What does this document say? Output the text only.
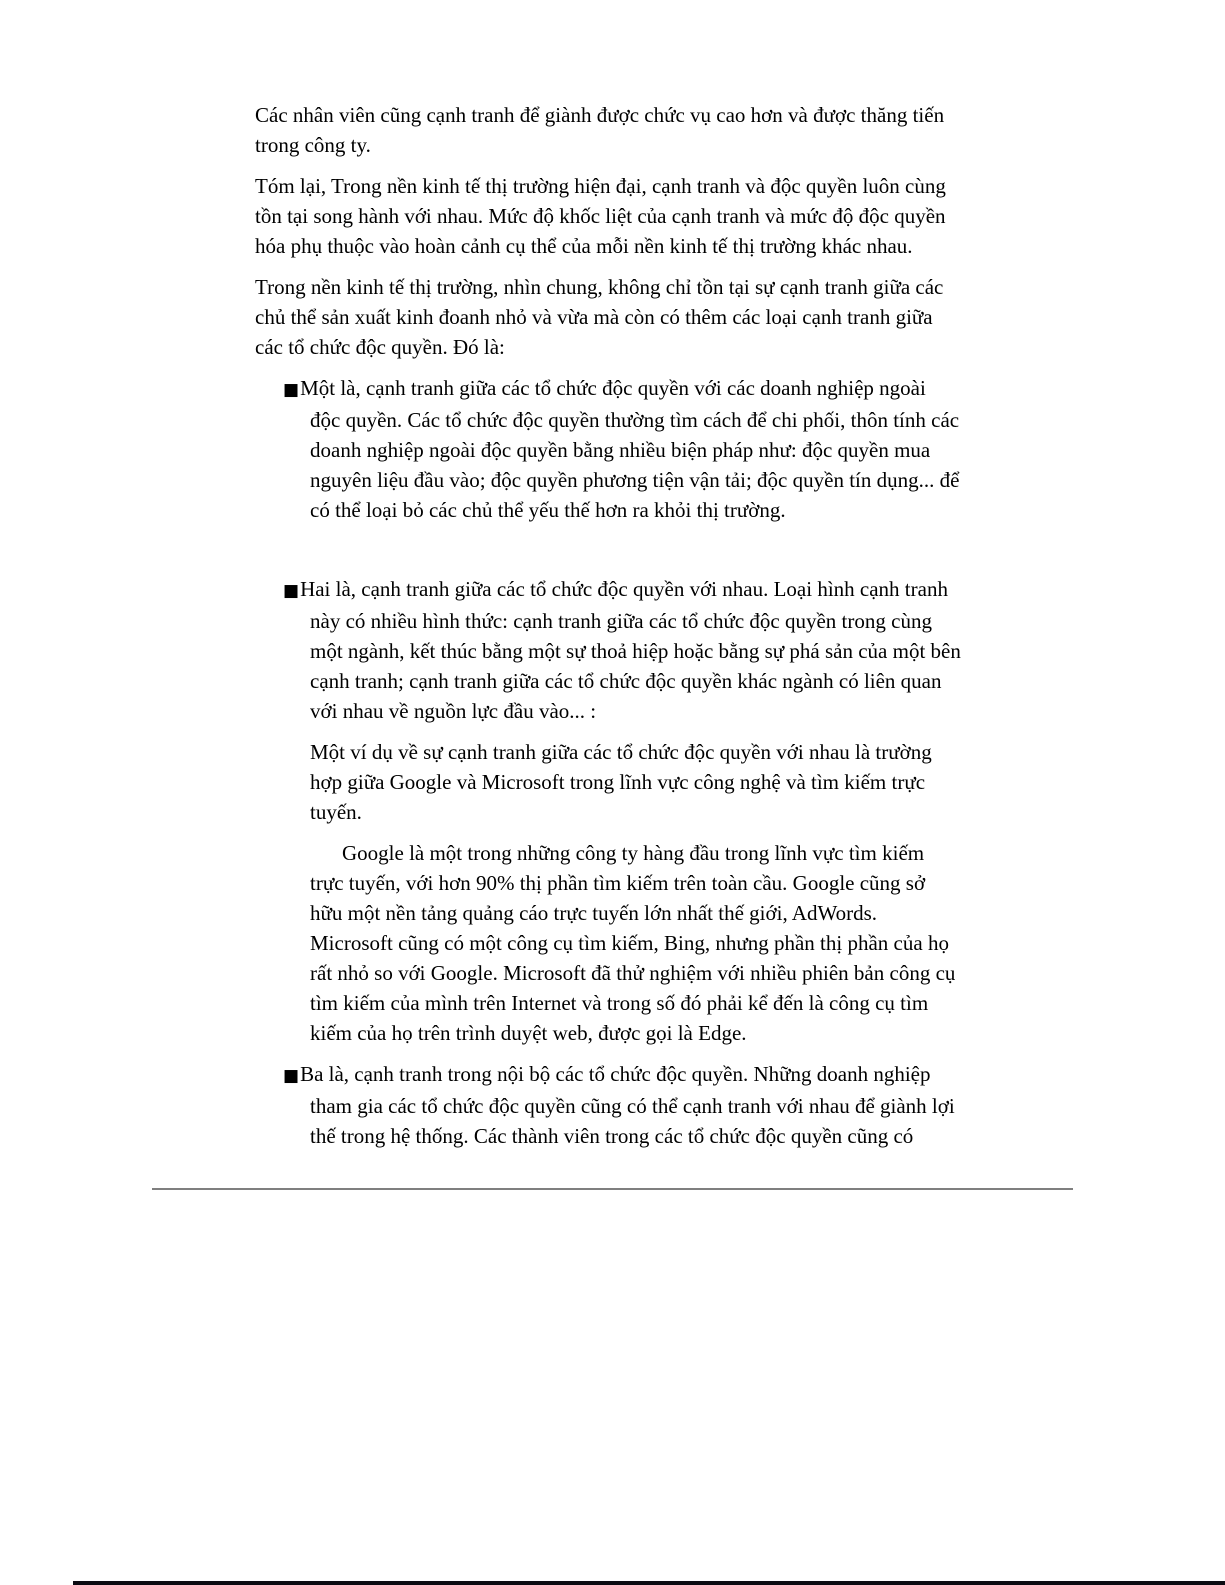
Các nhân viên cũng cạnh tranh để giành được chức vụ cao hơn và được thăng tiến trong công ty.

Tóm lại, Trong nền kinh tế thị trường hiện đại, cạnh tranh và độc quyền luôn cùng tồn tại song hành với nhau. Mức độ khốc liệt của cạnh tranh và mức độ độc quyền hóa phụ thuộc vào hoàn cảnh cụ thể của mỗi nền kinh tế thị trường khác nhau.

Trong nền kinh tế thị trường, nhìn chung, không chỉ tồn tại sự cạnh tranh giữa các chủ thể sản xuất kinh đoanh nhỏ và vừa mà còn có thêm các loại cạnh tranh giữa các tổ chức độc quyền. Đó là:

■Một là, cạnh tranh giữa các tổ chức độc quyền với các doanh nghiệp ngoài độc quyền. Các tổ chức độc quyền thường tìm cách để chi phối, thôn tính các doanh nghiệp ngoài độc quyền bằng nhiều biện pháp như: độc quyền mua nguyên liệu đầu vào; độc quyền phương tiện vận tải; độc quyền tín dụng... để có thể loại bỏ các chủ thể yếu thế hơn ra khỏi thị trường.

■Hai là, cạnh tranh giữa các tổ chức độc quyền với nhau. Loại hình cạnh tranh này có nhiều hình thức: cạnh tranh giữa các tổ chức độc quyền trong cùng một ngành, kết thúc bằng một sự thoả hiệp hoặc bằng sự phá sản của một bên cạnh tranh; cạnh tranh giữa các tổ chức độc quyền khác ngành có liên quan với nhau về nguồn lực đầu vào... :

Một ví dụ về sự cạnh tranh giữa các tổ chức độc quyền với nhau là trường hợp giữa Google và Microsoft trong lĩnh vực công nghệ và tìm kiếm trực tuyến.

Google là một trong những công ty hàng đầu trong lĩnh vực tìm kiếm trực tuyến, với hơn 90% thị phần tìm kiếm trên toàn cầu. Google cũng sở hữu một nền tảng quảng cáo trực tuyến lớn nhất thế giới, AdWords. Microsoft cũng có một công cụ tìm kiếm, Bing, nhưng phần thị phần của họ rất nhỏ so với Google. Microsoft đã thử nghiệm với nhiều phiên bản công cụ tìm kiếm của mình trên Internet và trong số đó phải kể đến là công cụ tìm kiếm của họ trên trình duyệt web, được gọi là Edge.

■Ba là, cạnh tranh trong nội bộ các tổ chức độc quyền. Những doanh nghiệp tham gia các tổ chức độc quyền cũng có thể cạnh tranh với nhau để giành lợi thế trong hệ thống. Các thành viên trong các tổ chức độc quyền cũng có
